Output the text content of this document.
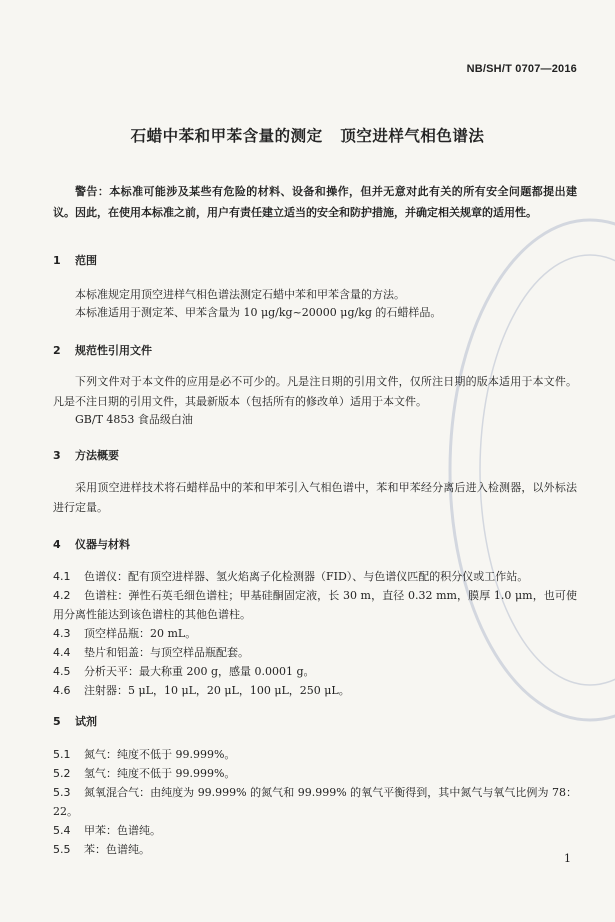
NB/SH/T 0707—2016
石蜡中苯和甲苯含量的测定   顶空进样气相色谱法
警告：本标准可能涉及某些有危险的材料、设备和操作，但并无意对此有关的所有安全问题都提出建议。因此，在使用本标准之前，用户有责任建立适当的安全和防护措施，并确定相关规章的适用性。
1 范围
本标准规定用顶空进样气相色谱法测定石蜡中苯和甲苯含量的方法。
本标准适用于测定苯、甲苯含量为 10 μg/kg~20000 μg/kg 的石蜡样品。
2 规范性引用文件
下列文件对于本文件的应用是必不可少的。凡是注日期的引用文件，仅所注日期的版本适用于本文件。凡是不注日期的引用文件，其最新版本（包括所有的修改单）适用于本文件。
GB/T 4853 食品级白油
3 方法概要
采用顶空进样技术将石蜡样品中的苯和甲苯引入气相色谱中，苯和甲苯经分离后进入检测器，以外标法进行定量。
4 仪器与材料
4.1 色谱仪：配有顶空进样器、氢火焰离子化检测器（FID）、与色谱仪匹配的积分仪或工作站。
4.2 色谱柱：弹性石英毛细色谱柱；甲基硅酮固定液，长 30 m，直径 0.32 mm，膜厚 1.0 μm，也可使用分离性能达到该色谱柱的其他色谱柱。
4.3 顶空样品瓶：20 mL。
4.4 垫片和铝盖：与顶空样品瓶配套。
4.5 分析天平：最大称重 200 g，感量 0.0001 g。
4.6 注射器：5 μL，10 μL，20 μL，100 μL，250 μL。
5 试剂
5.1 氮气：纯度不低于 99.999%。
5.2 氢气：纯度不低于 99.999%。
5.3 氮氧混合气：由纯度为 99.999% 的氮气和 99.999% 的氧气平衡得到，其中氮气与氧气比例为 78：22。
5.4 甲苯：色谱纯。
5.5 苯：色谱纯。
1
